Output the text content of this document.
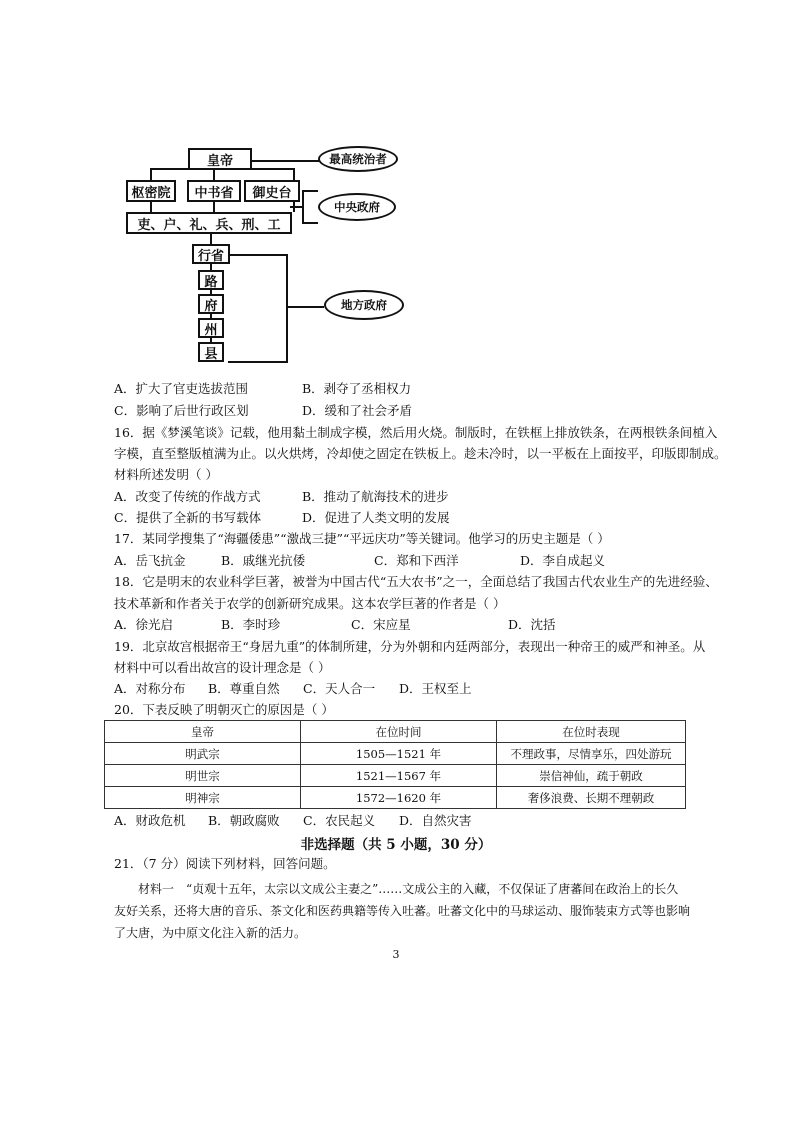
皇帝	最高统治者
枢密院	中书省	御史台
吏、户、礼、兵、刑、工
中央政府
行省
路
府
州
县
地方政府
A．扩大了官吏选拔范围	B．剥夺了丞相权力
C．影响了后世行政区划	D．缓和了社会矛盾
16．据《梦溪笔谈》记载，他用黏土制成字模，然后用火烧。制版时，在铁框上排放铁条，在两根铁条间植入
字模，直至整版植满为止。以火烘烤，冷却使之固定在铁板上。趁未冷时，以一平板在上面按平，印版即制成。
材料所述发明（ ）
A．改变了传统的作战方式	B．推动了航海技术的进步
C．提供了全新的书写载体	D．促进了人类文明的发展
17．某同学搜集了“海疆倭患”“激战三捷”“平远庆功”等关键词。他学习的历史主题是（ ）
A．岳飞抗金	B．戚继光抗倭	C．郑和下西洋	D．李自成起义
18．它是明末的农业科学巨著，被誉为中国古代“五大农书”之一，全面总结了我国古代农业生产的先进经验、
技术革新和作者关于农学的创新研究成果。这本农学巨著的作者是（ ）
A．徐光启	B．李时珍	C．宋应星	D．沈括
19．北京故宫根据帝王“身居九重”的体制所建，分为外朝和内廷两部分，表现出一种帝王的威严和神圣。从
材料中可以看出故宫的设计理念是（ ）
A．对称分布 B．尊重自然 C．天人合一 D．王权至上
20．下表反映了明朝灭亡的原因是（ ）
皇帝	在位时间	在位时表现
明武宗	1505—1521 年	不理政事，尽情享乐，四处游玩
明世宗	1521—1567 年	崇信神仙，疏于朝政
明神宗	1572—1620 年	奢侈浪费、长期不理朝政
A．财政危机 B．朝政腐败 C．农民起义 D．自然灾害
非选择题（共 5 小题，30 分）
21．（7 分）阅读下列材料，回答问题。
材料一　“贞观十五年，太宗以文成公主妻之”……文成公主的入藏，不仅保证了唐蕃间在政治上的长久
友好关系，还将大唐的音乐、茶文化和医药典籍等传入吐蕃。吐蕃文化中的马球运动、服饰装束方式等也影响
了大唐，为中原文化注入新的活力。
3
